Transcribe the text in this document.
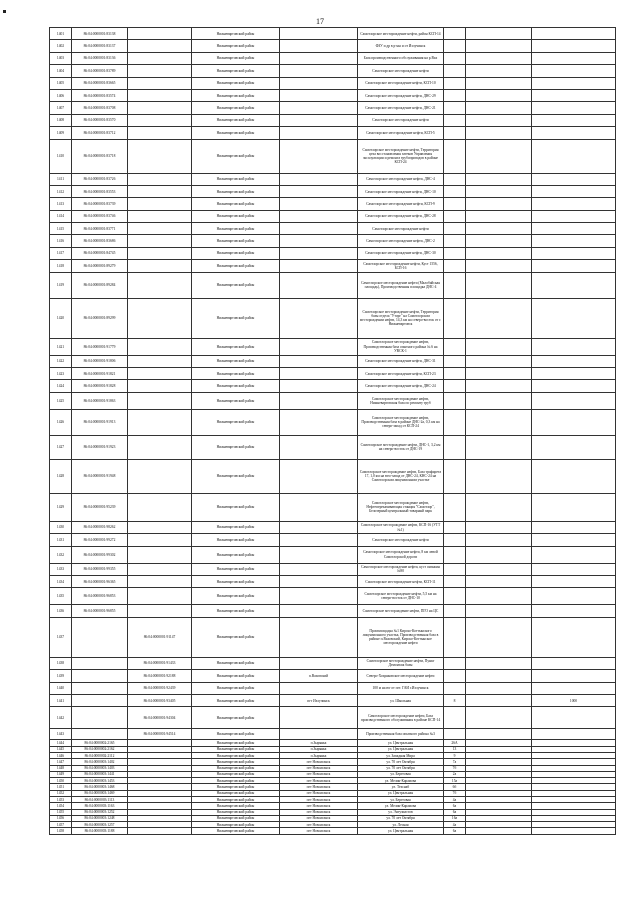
17
1401	86:04:0000001:83138		Нижневартовский район		Самотлорское месторождение нефти, район КСП-14			
1402	86:04:0000001:83137		Нижневартовский район		ФЗУ и др в р-ны и от Излучинск			
1403	86:04:0000001:83136		Нижневартовский район		База производственного обслуживания на р.Вах			
1404	86:04:0000001:83789		Нижневартовский район		Самотлорское месторождение нефти			
1405	86:04:0000001:83665		Нижневартовский район		Самотлорское месторождение нефти, КСП-10			
1406	86:04:0000001:83574		Нижневартовский район		Самотлорское месторождение нефти, ДНС-29			
1407	86:04:0000001:83708		Нижневартовский район		Самотлорское месторождение нефти, ДНС-21			
1408	86:04:0000001:83570		Нижневартовский район		Самотлорское месторождение нефти			
1409	86:04:0000001:83712		Нижневартовский район		Самотлорское месторождение нефти, КСП-5			
1410	86:04:0000001:83718		Нижневартовский район		Самотлорское месторождение нефти, Территория цеха восстановления затеков Управления эксплуатации и ремонта трубопроводов в районе КСП-24			
1411	86:04:0000001:83726		Нижневартовский район		Самотлорское месторождение нефти, ДНС-4			
1412	86:04:0000001:83553		Нижневартовский район		Самотлорское месторождение нефти, ДНС-10			
1413	86:04:0000001:83739		Нижневартовский район		Самотлорское месторождение нефти, КСП-9			
1414	86:04:0000001:83746		Нижневартовский район		Самотлорское месторождение нефти, ДНС-28			
1415	86:04:0000001:83771		Нижневартовский район		Самотлорское месторождение нефти			
1416	86:04:0000001:83686		Нижневартовский район		Самотлорское месторождение нефти, ДНС-2			
1417	86:04:0000001:84745		Нижневартовский район		Самотлорское месторождение нефти, ДНС-30			
1418	86:04:0000001:89279		Нижневартовский район		Самотлорское месторождение нефти, Куст 1556, БСП-16			
1419	86:04:0000001:89284		Нижневартовский район		Самотлорское месторождение нефти (Малобайская площадь), Производственная площадка ДНС-4			
1420	86:04:0000001:89299		Нижневартовский район		Самотлорское месторождение нефти, Территория базы отдела "Уторг" на Самотлорском месторождении нефти, 14,3 км на северо-восток от г. Нижневартовск			
1421	86:04:0000001:91779		Нижневартовский район		Самотлорское месторождение нефти, Производственная база опытного района № 6 на УВСК-1			
1422	86:04:0000001:91806		Нижневартовский район		Самотлорское месторождение нефти, ДНС-31			
1423	86:04:0000001:91821		Нижневартовский район		Самотлорское месторождение нефти, КСП-23			
1424	86:04:0000001:91828		Нижневартовский район		Самотлорское месторождение нефти, ДНС-24			
1425	86:04:0000001:91863		Нижневартовский район		Самотлорское месторождение нефти, Нижневартовская база по ремонту труб			
1426	86:04:0000001:91913		Нижневартовский район		Самотлорское месторождение нефти, Производственная база в районе ДНС-2а, 0,3 км на северо-запад от КСП-24			
1427	86:04:0000001:91923		Нижневартовский район		Самотлорское месторождение нефти, ДНС-1, 3,2 км на северо-восток от ДНС-19			
1428	86:04:0000001:91948		Нижневартовский район		Самотлорское месторождение нефти, База трафарета 17, 1,0 км на юго-запад от ДНС-24, КНС-24 на Самотлорском лицензионном участке			
1429	86:04:0000001:95239		Нижневартовский район		Самотлорское месторождение нефти, Нефтеперекачивающая станция "Самотлор", Белозерный центральный товарный парк			
1430	86:04:0000001:98262		Нижневартовский район		Самотлорское месторождение нефти, КСП-16 (УТТ №1)			
1431	86:04:0000001:99272		Нижневартовский район		Самотлорское месторождение нефти			
1432	86:04:0000001:99302		Нижневартовский район		Самотлорское месторождение нефти, 8 км левой Самотлорской дороги			
1433	86:04:0000001:99355		Нижневартовский район		Самотлорское месторождение нефти, куст скважин №90			
1434	86:04:0000001:96365		Нижневартовский район		Самотлорское месторождение нефти, КСП-11			
1435	86:04:0000001:96853		Нижневартовский район		Самотлорское месторождение нефти, 5,5 км на северо-восток от ДНС-10			
1436	86:04:0000001:96855		Нижневартовский район		Самотлорское месторождение нефти, ПГО на ЦС			
1437		86:04:0000001:91147	Нижневартовский район		Промплощадка №1 Кирско-Коттынского лицензионного участка, Производственная база в районе п.Ваховский, Кирско-Коттынское месторождение нефти			
1438		86:04:0000001:91433	Нижневартовский район		Самотлорское месторождение нефти, Пункт Демонтаж базы			
1439		86:04:0000001:92188	Нижневартовский район	п.Ваховский	Северо-Хохряковское месторождение нефти			
1440		86:04:0000001:92439	Нижневартовский район		100 м на юг от пгт. ГАИ г.Излучинск			
1441		86:04:0000001:93405	Нижневартовский район	пгт Излучинск	ул. Школьная	8		1000
1442		86:04:0000001:94304	Нижневартовский район		Самотлорское месторождение нефти, База производственного обслуживания в районе КСП-14			
1443		86:04:0000001:94514	Нижневартовский район		Производственная база опытного района №3			
1444	86:04:0000002:2165		Нижневартовский район	п.Зырянка	ул. Центральная	26А		
1445	86:04:0000002:2162		Нижневартовский район	п.Зырянка	ул. Центральная	13		
1446	86:04:0000002:2112		Нижневартовский район	п.Зырянка	ул. Западная Мира	9		
1447	86:04:0000003:1402		Нижневартовский район	пгт Новоаганск	ул. 70 лет Октября	7а		
1448	86:04:0000003:1403		Нижневартовский район	пгт Новоаганск	ул. 70 лет Октября	7б		
1449	86:04:0000003:1441		Нижневартовский район	пгт Новоаганск	ул. Береговая	2а		
1450	86:04:0000003:1453		Нижневартовский район	пгт Новоаганск	ул. Мелик-Карамова	15а		
1451	86:04:0000003:1468		Нижневартовский район	пгт Новоаганск	ул. Техснаб	6б		
1452	86:04:0000003:1469		Нижневартовский район	пгт Новоаганск	ул. Центральная	7б		
1453	86:04:0000003:1113		Нижневартовский район	пгт Новоаганск	ул. Береговая	4а		
1454	86:04:0000003:1163		Нижневартовский район	пгт Новоаганск	ул. Мелик-Карамова	6а		
1455	86:04:0000003:1252		Нижневартовский район	пгт Новоаганск	ул. Энтузиастов	6а		
1456	86:04:0000003:1248		Нижневартовский район	пгт Новоаганск	ул. 70 лет Октября	16а		
1457	86:04:0000003:1257		Нижневартовский район	пгт Новоаганск	ул. Лесная	4а		
1458	86:04:0000003:1188		Нижневартовский район	пгт Новоаганск	ул. Центральная	6а		
